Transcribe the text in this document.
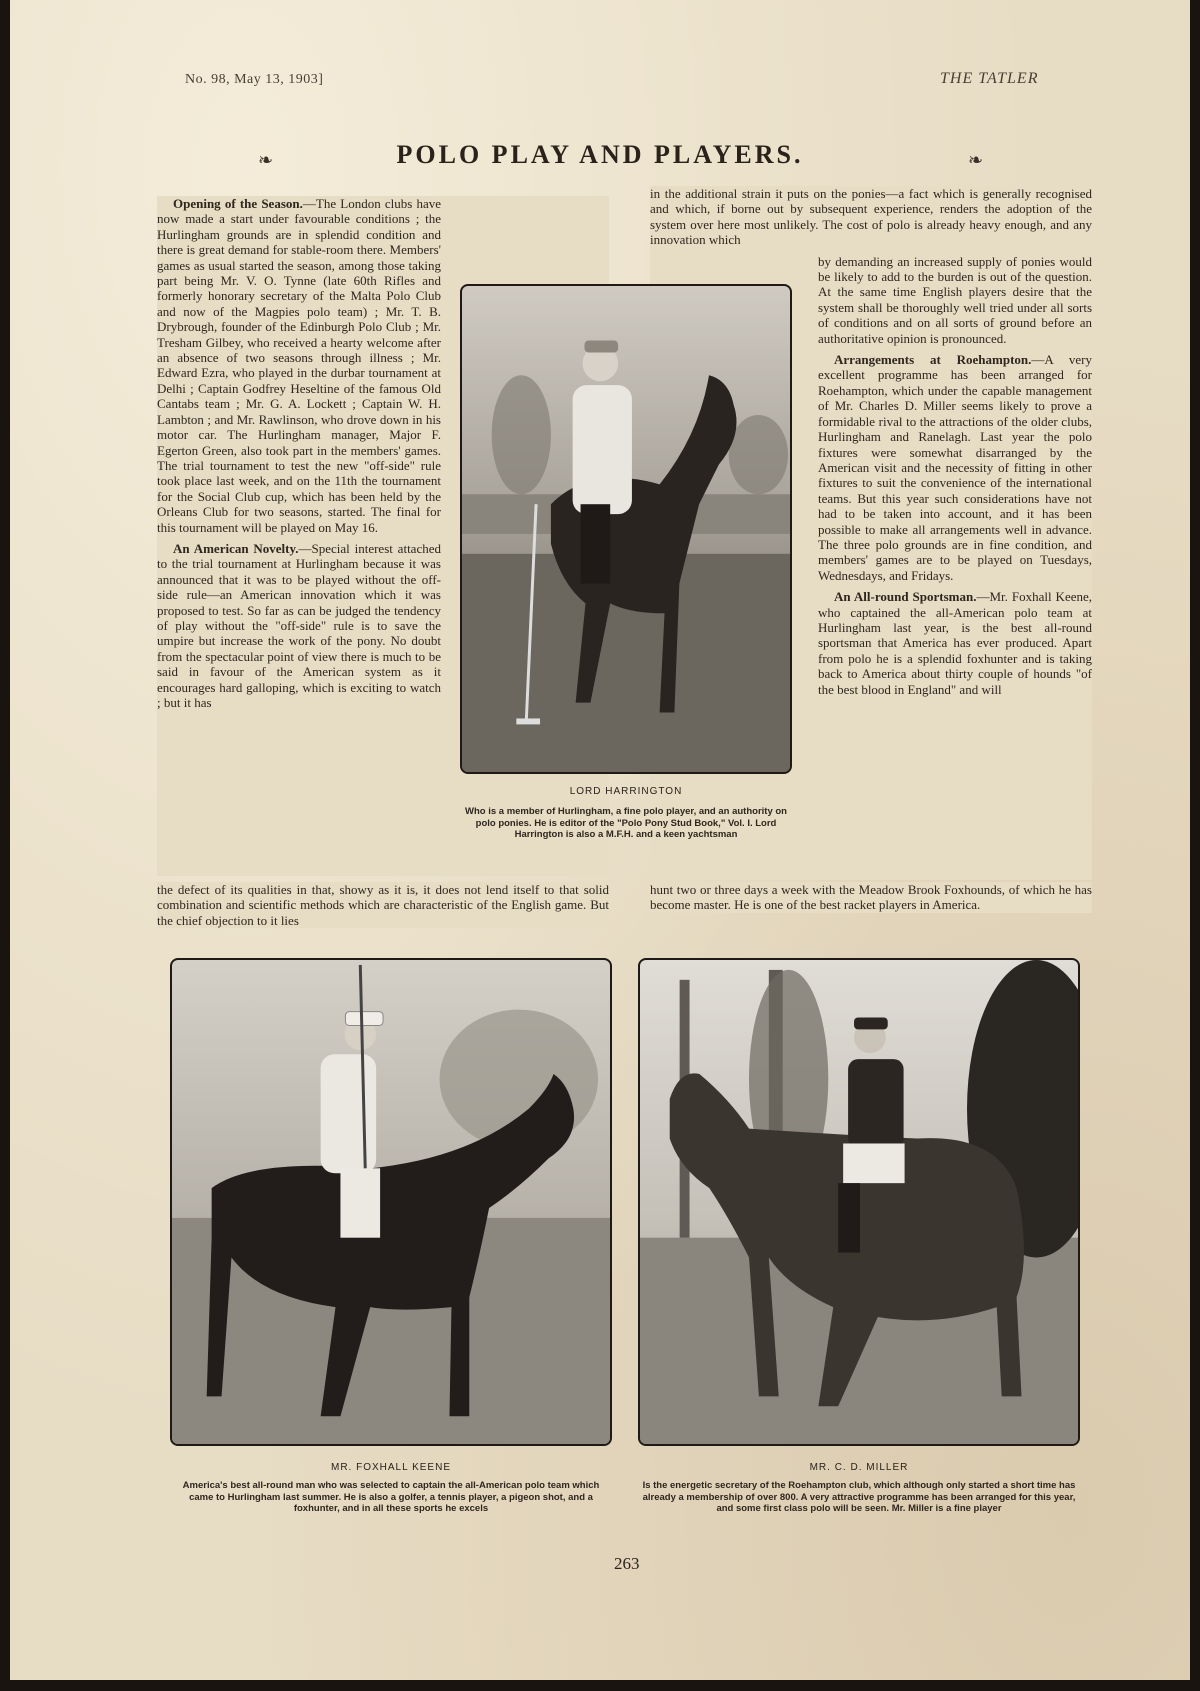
No. 98, May 13, 1903]	THE TATLER
❧	❧
POLO PLAY AND PLAYERS.

Opening of the Season.—The London clubs have now made a start under favourable conditions ; the Hurlingham grounds are in splendid condition and there is great demand for stable-room there. Members' games as usual started the season, among those taking part being Mr. V. O. Tynne (late 60th Rifles and formerly honorary secretary of the Malta Polo Club and now of the Magpies polo team) ; Mr. T. B. Drybrough, founder of the Edinburgh Polo Club ; Mr. Tresham Gilbey, who received a hearty welcome after an absence of two seasons through illness ; Mr. Edward Ezra, who played in the durbar tournament at Delhi ; Captain Godfrey Heseltine of the famous Old Cantabs team ; Mr. G. A. Lockett ; Captain W. H. Lambton ; and Mr. Rawlinson, who drove down in his motor car. The Hurlingham manager, Major F. Egerton Green, also took part in the members' games. The trial tournament to test the new "off-side" rule took place last week, and on the 11th the tournament for the Social Club cup, which has been held by the Orleans Club for two seasons, started. The final for this tournament will be played on May 16.

An American Novelty.—Special interest attached to the trial tournament at Hurlingham because it was announced that it was to be played without the off-side rule—an American innovation which it was proposed to test. So far as can be judged the tendency of play without the "off-side" rule is to save the umpire but increase the work of the pony. No doubt from the spectacular point of view there is much to be said in favour of the American system as it encourages hard galloping, which is exciting to watch ; but it has

in the additional strain it puts on the ponies—a fact which is generally recognised and which, if borne out by subsequent experience, renders the adoption of the system over here most unlikely. The cost of polo is already heavy enough, and any innovation which

by demanding an increased supply of ponies would be likely to add to the burden is out of the question. At the same time English players desire that the system shall be thoroughly well tried under all sorts of conditions and on all sorts of ground before an authoritative opinion is pronounced.

Arrangements at Roehampton.—A very excellent programme has been arranged for Roehampton, which under the capable management of Mr. Charles D. Miller seems likely to prove a formidable rival to the attractions of the older clubs, Hurlingham and Ranelagh. Last year the polo fixtures were somewhat disarranged by the American visit and the necessity of fitting in other fixtures to suit the convenience of the international teams. But this year such considerations have not had to be taken into account, and it has been possible to make all arrangements well in advance. The three polo grounds are in fine condition, and members' games are to be played on Tuesdays, Wednesdays, and Fridays.

An All-round Sportsman.—Mr. Foxhall Keene, who captained the all-American polo team at Hurlingham last year, is the best all-round sportsman that America has ever produced. Apart from polo he is a splendid foxhunter and is taking back to America about thirty couple of hounds "of the best blood in England" and will

the defect of its qualities in that, showy as it is, it does not lend itself to that solid combination and scientific methods which are characteristic of the English game. But the chief objection to it lies
hunt two or three days a week with the Meadow Brook Foxhounds, of which he has become master. He is one of the best racket players in America.
LORD HARRINGTON
Who is a member of Hurlingham, a fine polo player, and an authority on polo ponies. He is editor of the "Polo Pony Stud Book," Vol. I. Lord Harrington is also a M.F.H. and a keen yachtsman
MR. FOXHALL KEENE
America's best all-round man who was selected to captain the all-American polo team which came to Hurlingham last summer. He is also a golfer, a tennis player, a pigeon shot, and a foxhunter, and in all these sports he excels
MR. C. D. MILLER
Is the energetic secretary of the Roehampton club, which although only started a short time has already a membership of over 800. A very attractive programme has been arranged for this year, and some first class polo will be seen. Mr. Miller is a fine player
263
